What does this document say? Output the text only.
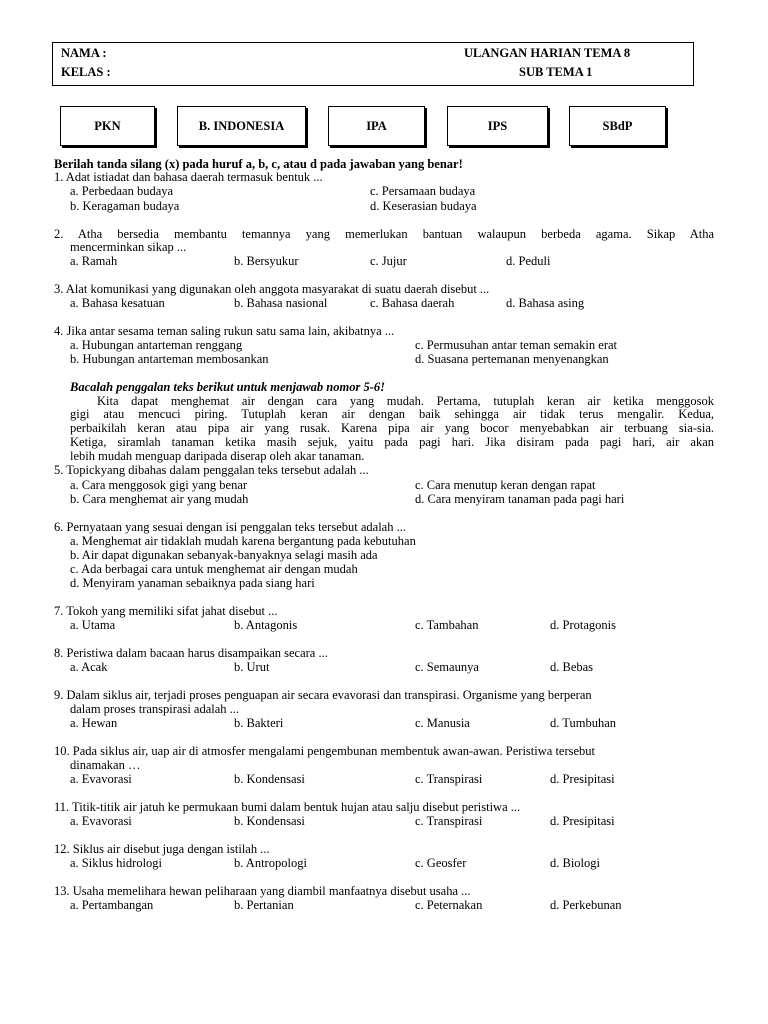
NAMA :
KELAS :
ULANGAN HARIAN TEMA 8
SUB TEMA 1
PKN	B. INDONESIA	IPA	IPS	SBdP
Berilah tanda silang (x) pada huruf a, b, c, atau d pada jawaban yang benar!
1. Adat istiadat dan bahasa daerah termasuk bentuk ...
a. Perbedaan budaya	c. Persamaan budaya
b. Keragaman budaya	d. Keserasian budaya
2. Atha bersedia membantu temannya yang memerlukan bantuan walaupun berbeda agama. Sikap Atha
mencerminkan sikap ...
a. Ramah	b. Bersyukur	c. Jujur	d. Peduli
3. Alat komunikasi yang digunakan oleh anggota masyarakat di suatu daerah disebut ...
a. Bahasa kesatuan	b. Bahasa nasional	c. Bahasa daerah	d. Bahasa asing
4. Jika antar sesama teman saling rukun satu sama lain, akibatnya ...
a. Hubungan antarteman renggang	c. Permusuhan antar teman semakin erat
b. Hubungan antarteman membosankan	d. Suasana pertemanan menyenangkan
Bacalah penggalan teks berikut untuk menjawab nomor 5-6!
Kita dapat menghemat air dengan cara yang mudah. Pertama, tutuplah keran air ketika menggosok
gigi atau mencuci piring. Tutuplah keran air dengan baik sehingga air tidak terus mengalir. Kedua,
perbaikilah keran atau pipa air yang rusak. Karena pipa air yang bocor menyebabkan air terbuang sia-sia.
Ketiga, siramlah tanaman ketika masih sejuk, yaitu pada pagi hari. Jika disiram pada pagi hari, air akan
lebih mudah menguap daripada diserap oleh akar tanaman.
5. Topickyang dibahas dalam penggalan teks tersebut adalah ...
a. Cara menggosok gigi yang benar	c. Cara menutup keran dengan rapat
b. Cara menghemat air yang mudah	d. Cara menyiram tanaman pada pagi hari
6. Pernyataan yang sesuai dengan isi penggalan teks tersebut adalah ...
a. Menghemat air tidaklah mudah karena bergantung pada kebutuhan
b. Air dapat digunakan sebanyak-banyaknya selagi masih ada
c. Ada berbagai cara untuk menghemat air dengan mudah
d. Menyiram yanaman sebaiknya pada siang hari
7. Tokoh yang memiliki sifat jahat disebut ...
a. Utama	b. Antagonis	c. Tambahan	d. Protagonis
8. Peristiwa dalam bacaan harus disampaikan secara ...
a. Acak	b. Urut	c. Semaunya	d. Bebas
9. Dalam siklus air, terjadi proses penguapan air secara evavorasi dan transpirasi. Organisme yang berperan
dalam proses transpirasi adalah ...
a. Hewan	b. Bakteri	c. Manusia	d. Tumbuhan
10. Pada siklus air, uap air di atmosfer mengalami pengembunan membentuk awan-awan. Peristiwa tersebut
dinamakan …
a. Evavorasi	b. Kondensasi	c. Transpirasi	d. Presipitasi
11. Titik-titik air jatuh ke permukaan bumi dalam bentuk hujan atau salju disebut peristiwa ...
a. Evavorasi	b. Kondensasi	c. Transpirasi	d. Presipitasi
12. Siklus air disebut juga dengan istilah ...
a. Siklus hidrologi	b. Antropologi	c. Geosfer	d. Biologi
13. Usaha memelihara hewan peliharaan yang diambil manfaatnya disebut usaha ...
a. Pertambangan	b. Pertanian	c. Peternakan	d. Perkebunan
